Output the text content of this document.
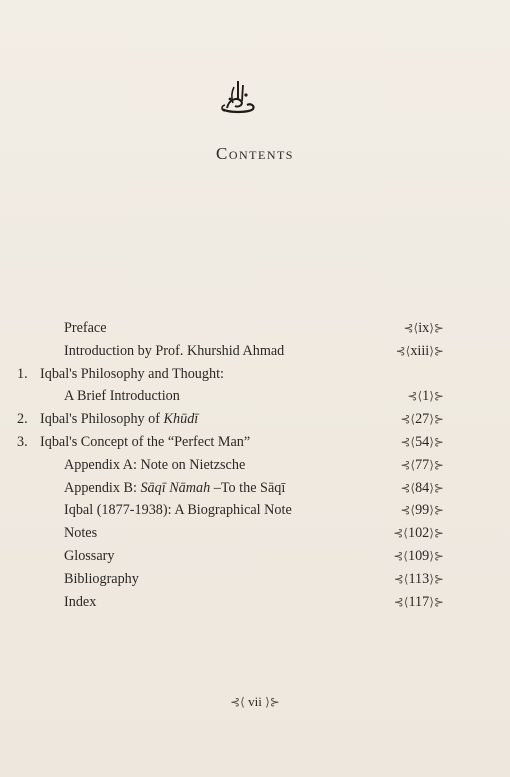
Contents
Preface	⊰⟨ix⟩⊱
Introduction by Prof. Khurshid Ahmad	⊰⟨xiii⟩⊱
1. Iqbal's Philosophy and Thought:
A Brief Introduction	⊰⟨1⟩⊱
2. Iqbal's Philosophy of Khūdī	⊰⟨27⟩⊱
3. Iqbal's Concept of the “Perfect Man”	⊰⟨54⟩⊱
Appendix A: Note on Nietzsche	⊰⟨77⟩⊱
Appendix B: Sāqī Nāmah –To the Sāqī	⊰⟨84⟩⊱
Iqbal (1877-1938): A Biographical Note	⊰⟨99⟩⊱
Notes	⊰⟨102⟩⊱
Glossary	⊰⟨109⟩⊱
Bibliography	⊰⟨113⟩⊱
Index	⊰⟨117⟩⊱
⊰⟨ vii ⟩⊱
